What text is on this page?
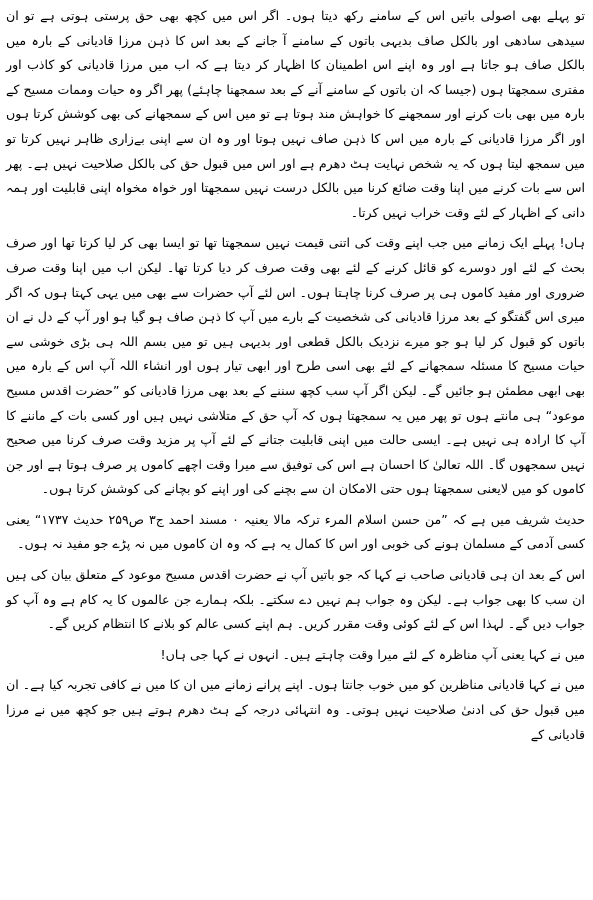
تو پہلے بھی اصولی باتیں اس کے سامنے رکھ دیتا ہوں۔ اگر اس میں کچھ بھی حق پرستی ہوتی ہے تو ان سیدھی سادھی اور بالکل صاف بدیہی باتوں کے سامنے آ جانے کے بعد اس کا ذہن مرزا قادیانی کے بارہ میں بالکل صاف ہو جاتا ہے اور وہ اپنے اس اطمینان کا اظہار کر دیتا ہے کہ اب میں مرزا قادیانی کو کاذب اور مفتری سمجھتا ہوں (جیسا کہ ان باتوں کے سامنے آنے کے بعد سمجھنا چاہئے) پھر اگر وہ حیات وممات مسیح کے بارہ میں بھی بات کرنے اور سمجھنے کا خواہش مند ہوتا ہے تو میں اس کے سمجھانے کی بھی کوشش کرتا ہوں اور اگر مرزا قادیانی کے بارہ میں اس کا ذہن صاف نہیں ہوتا اور وہ ان سے اپنی بےزاری ظاہر نہیں کرتا تو میں سمجھ لیتا ہوں کہ یہ شخص نہایت ہٹ دھرم ہے اور اس میں قبول حق کی بالکل صلاحیت نہیں ہے۔ پھر اس سے بات کرنے میں اپنا وقت ضائع کرنا میں بالکل درست نہیں سمجھتا اور خواہ مخواہ اپنی قابلیت اور ہمہ دانی کے اظہار کے لئے وقت خراب نہیں کرتا۔

ہاں! پہلے ایک زمانے میں جب اپنے وقت کی اتنی قیمت نہیں سمجھتا تھا تو ایسا بھی کر لیا کرتا تھا اور صرف بحث کے لئے اور دوسرے کو قائل کرنے کے لئے بھی وقت صرف کر دیا کرتا تھا۔ لیکن اب میں اپنا وقت صرف ضروری اور مفید کاموں ہی پر صرف کرنا چاہتا ہوں۔ اس لئے آپ حضرات سے بھی میں یہی کہتا ہوں کہ اگر میری اس گفتگو کے بعد مرزا قادیانی کی شخصیت کے بارے میں آپ کا ذہن صاف ہو گیا ہو اور آپ کے دل نے ان باتوں کو قبول کر لیا ہو جو میرے نزدیک بالکل قطعی اور بدیہی ہیں تو میں بسم اللہ ہی بڑی خوشی سے حیات مسیح کا مسئلہ سمجھانے کے لئے بھی اسی طرح اور ابھی تیار ہوں اور انشاء اللہ آپ اس کے بارہ میں بھی ابھی مطمئن ہو جائیں گے۔ لیکن اگر آپ سب کچھ سننے کے بعد بھی مرزا قادیانی کو ”حضرت اقدس مسیح موعود“ ہی مانتے ہوں تو پھر میں یہ سمجھتا ہوں کہ آپ حق کے متلاشی نہیں ہیں اور کسی بات کے ماننے کا آپ کا ارادہ ہی نہیں ہے۔ ایسی حالت میں اپنی قابلیت جتانے کے لئے آپ پر مزید وقت صرف کرنا میں صحیح نہیں سمجھوں گا۔ اللہ تعالیٰ کا احسان ہے اس کی توفیق سے میرا وقت اچھے کاموں پر صرف ہوتا ہے اور جن کاموں کو میں لایعنی سمجھتا ہوں حتی الامکان ان سے بچنے کی اور اپنے کو بچانے کی کوشش کرتا ہوں۔

حدیث شریف میں ہے کہ ”من حسن اسلام المرء ترکہ مالا یعنیہ ۰ مسند احمد ج۳ ص۲۵۹ حدیث ۱۷۳۷“ یعنی کسی آدمی کے مسلمان ہونے کی خوبی اور اس کا کمال یہ ہے کہ وہ ان کاموں میں نہ پڑے جو مفید نہ ہوں۔

اس کے بعد ان ہی قادیانی صاحب نے کہا کہ جو باتیں آپ نے حضرت اقدس مسیح موعود کے متعلق بیان کی ہیں ان سب کا بھی جواب ہے۔ لیکن وہ جواب ہم نہیں دے سکتے۔ بلکہ ہمارے جن عالموں کا یہ کام ہے وہ آپ کو جواب دیں گے۔ لہذا اس کے لئے کوئی وقت مقرر کریں۔ ہم اپنے کسی عالم کو بلانے کا انتظام کریں گے۔

میں نے کہا یعنی آپ مناظرہ کے لئے میرا وقت چاہتے ہیں۔ انہوں نے کہا جی ہاں!

میں نے کہا قادیانی مناظرین کو میں خوب جانتا ہوں۔ اپنے پرانے زمانے میں ان کا میں نے کافی تجربہ کیا ہے۔ ان میں قبول حق کی ادنیٰ صلاحیت نہیں ہوتی۔ وہ انتہائی درجہ کے ہٹ دھرم ہوتے ہیں جو کچھ میں نے مرزا قادیانی کے
